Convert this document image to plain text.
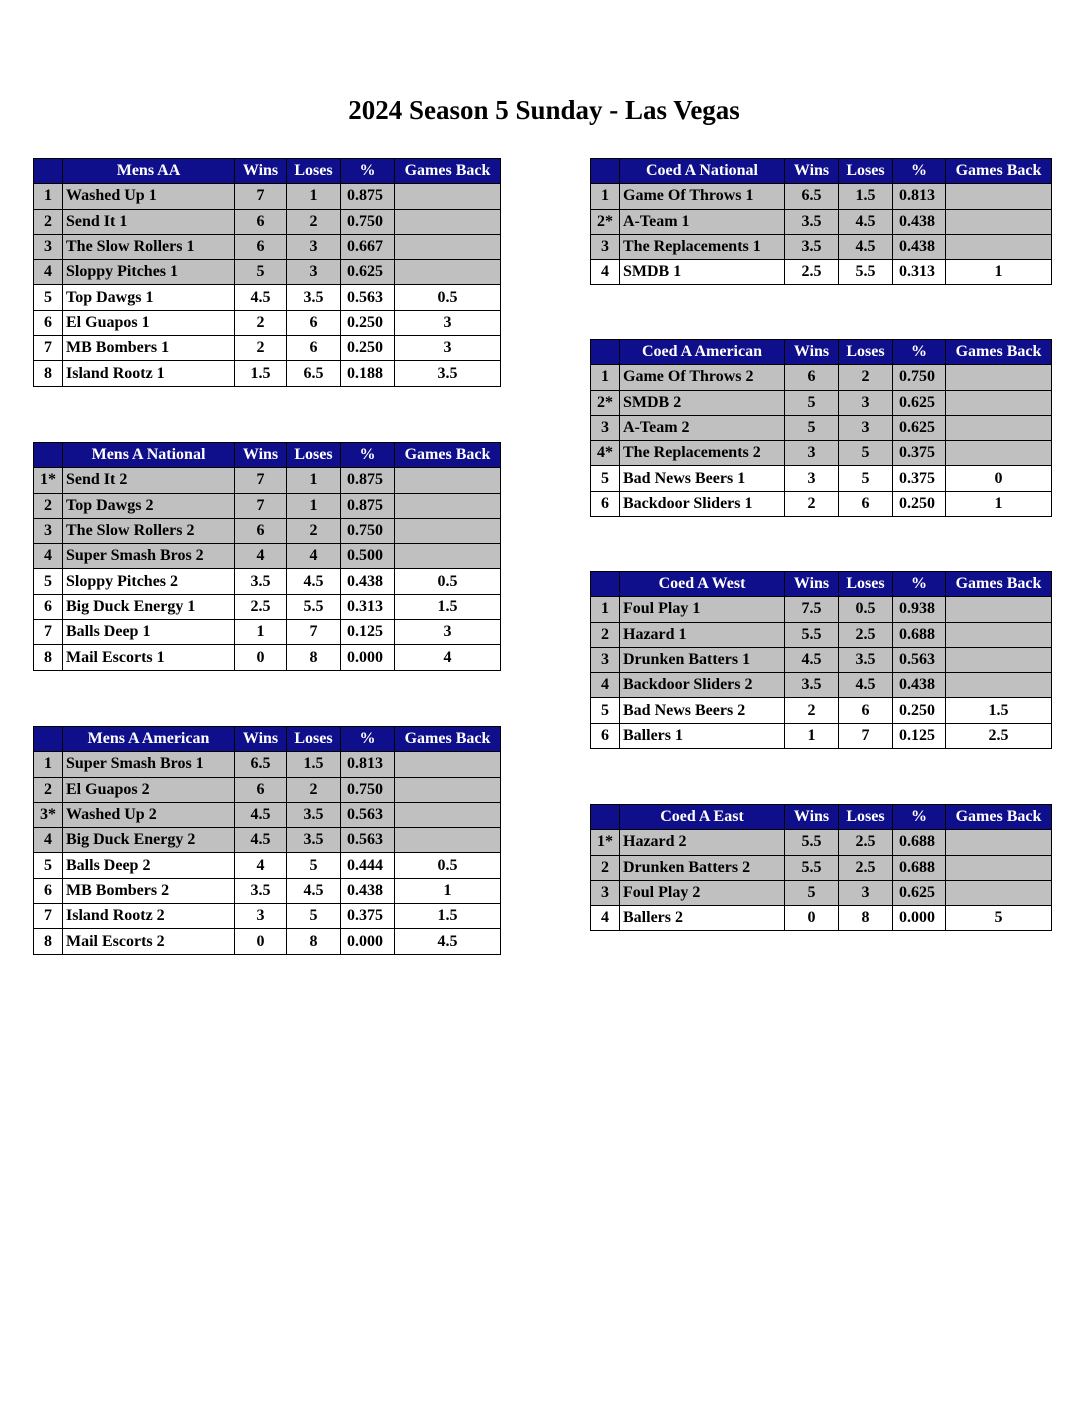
2024 Season 5 Sunday - Las Vegas
	Mens AA	Wins	Loses	%	Games Back
1	Washed Up 1	7	1	0.875	
2	Send It 1	6	2	0.750	
3	The Slow Rollers 1	6	3	0.667	
4	Sloppy Pitches 1	5	3	0.625	
5	Top Dawgs 1	4.5	3.5	0.563	0.5
6	El Guapos 1	2	6	0.250	3
7	MB Bombers 1	2	6	0.250	3
8	Island Rootz 1	1.5	6.5	0.188	3.5
	Mens A National	Wins	Loses	%	Games Back
1*	Send It 2	7	1	0.875	
2	Top Dawgs 2	7	1	0.875	
3	The Slow Rollers 2	6	2	0.750	
4	Super Smash Bros 2	4	4	0.500	
5	Sloppy Pitches 2	3.5	4.5	0.438	0.5
6	Big Duck Energy 1	2.5	5.5	0.313	1.5
7	Balls Deep 1	1	7	0.125	3
8	Mail Escorts 1	0	8	0.000	4
	Mens A American	Wins	Loses	%	Games Back
1	Super Smash Bros 1	6.5	1.5	0.813	
2	El Guapos 2	6	2	0.750	
3*	Washed Up 2	4.5	3.5	0.563	
4	Big Duck Energy 2	4.5	3.5	0.563	
5	Balls Deep 2	4	5	0.444	0.5
6	MB Bombers 2	3.5	4.5	0.438	1
7	Island Rootz 2	3	5	0.375	1.5
8	Mail Escorts 2	0	8	0.000	4.5
	Coed A National	Wins	Loses	%	Games Back
1	Game Of Throws 1	6.5	1.5	0.813	
2*	A-Team 1	3.5	4.5	0.438	
3	The Replacements 1	3.5	4.5	0.438	
4	SMDB 1	2.5	5.5	0.313	1
	Coed A American	Wins	Loses	%	Games Back
1	Game Of Throws 2	6	2	0.750	
2*	SMDB 2	5	3	0.625	
3	A-Team 2	5	3	0.625	
4*	The Replacements 2	3	5	0.375	
5	Bad News Beers 1	3	5	0.375	0
6	Backdoor Sliders 1	2	6	0.250	1
	Coed A West	Wins	Loses	%	Games Back
1	Foul Play 1	7.5	0.5	0.938	
2	Hazard 1	5.5	2.5	0.688	
3	Drunken Batters 1	4.5	3.5	0.563	
4	Backdoor Sliders 2	3.5	4.5	0.438	
5	Bad News Beers 2	2	6	0.250	1.5
6	Ballers 1	1	7	0.125	2.5
	Coed A East	Wins	Loses	%	Games Back
1*	Hazard 2	5.5	2.5	0.688	
2	Drunken Batters 2	5.5	2.5	0.688	
3	Foul Play 2	5	3	0.625	
4	Ballers 2	0	8	0.000	5
